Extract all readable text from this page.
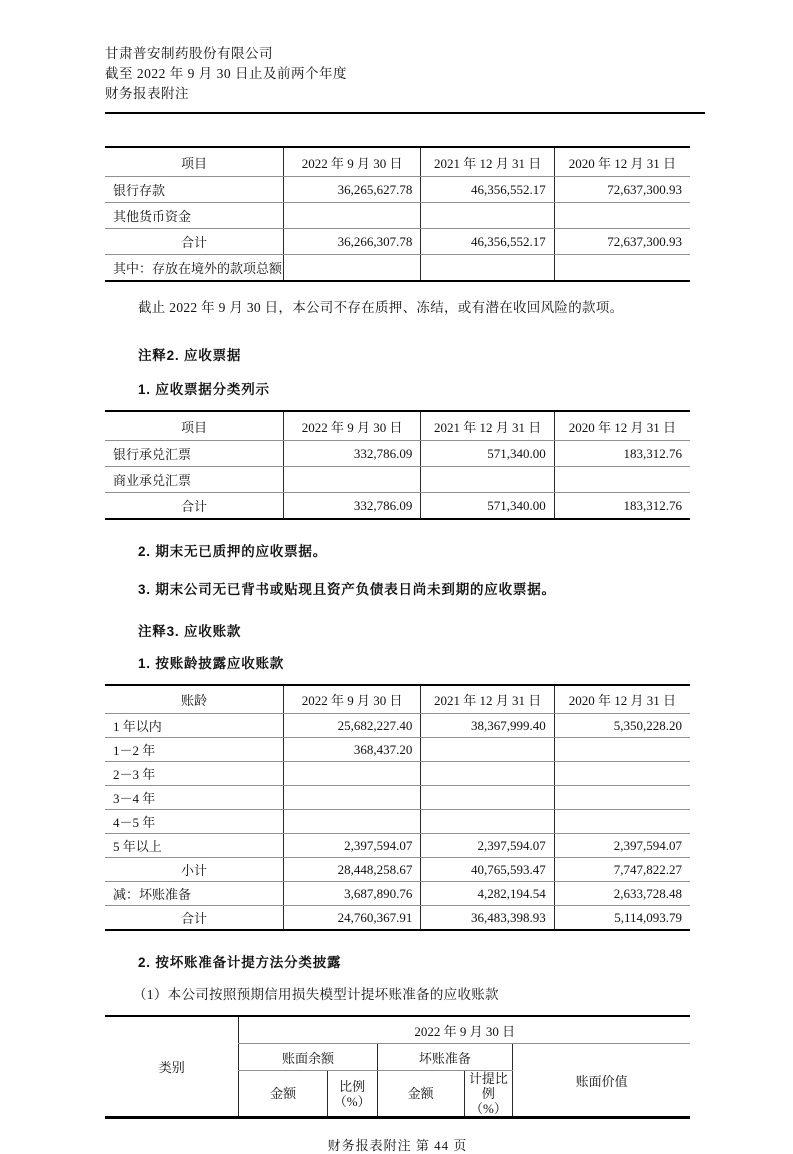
甘肃普安制药股份有限公司
截至 2022 年 9 月 30 日止及前两个年度
财务报表附注
项目	2022 年 9 月 30 日	2021 年 12 月 31 日	2020 年 12 月 31 日
银行存款	36,265,627.78	46,356,552.17	72,637,300.93
其他货币资金			
合计	36,266,307.78	46,356,552.17	72,637,300.93
其中：存放在境外的款项总额			

截止 2022 年 9 月 30 日，本公司不存在质押、冻结，或有潜在收回风险的款项。

注释2. 应收票据
1. 应收票据分类列示
项目	2022 年 9 月 30 日	2021 年 12 月 31 日	2020 年 12 月 31 日
银行承兑汇票	332,786.09	571,340.00	183,312.76
商业承兑汇票			
合计	332,786.09	571,340.00	183,312.76
2. 期末无已质押的应收票据。
3. 期末公司无已背书或贴现且资产负债表日尚未到期的应收票据。
注释3. 应收账款
1. 按账龄披露应收账款
账龄	2022 年 9 月 30 日	2021 年 12 月 31 日	2020 年 12 月 31 日
1 年以内	25,682,227.40	38,367,999.40	5,350,228.20
1－2 年	368,437.20		
2－3 年			
3－4 年			
4－5 年			
5 年以上	2,397,594.07	2,397,594.07	2,397,594.07
小计	28,448,258.67	40,765,593.47	7,747,822.27
减：坏账准备	3,687,890.76	4,282,194.54	2,633,728.48
合计	24,760,367.91	36,483,398.93	5,114,093.79
2. 按坏账准备计提方法分类披露

（1）本公司按照预期信用损失模型计提坏账准备的应收账款

类别	2022 年 9 月 30 日				
	账面余额		坏账准备		账面价值
	金额	比例（%）	金额	计提比例（%）	
财务报表附注 第 44 页
